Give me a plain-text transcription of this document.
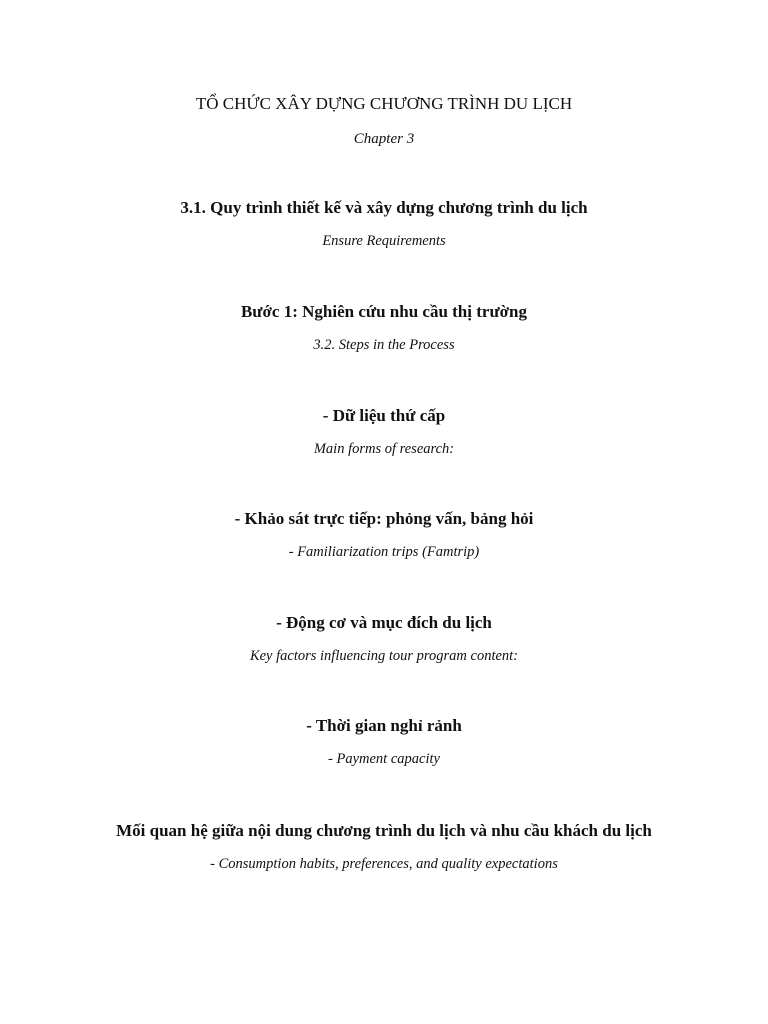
TỔ CHỨC XÂY DỰNG CHƯƠNG TRÌNH DU LỊCH

Chapter 3

3.1. Quy trình thiết kế và xây dựng chương trình du lịch

Ensure Requirements

Bước 1: Nghiên cứu nhu cầu thị trường

3.2. Steps in the Process

- Dữ liệu thứ cấp

Main forms of research:

- Khảo sát trực tiếp: phỏng vấn, bảng hỏi

- Familiarization trips (Famtrip)

- Động cơ và mục đích du lịch

Key factors influencing tour program content:

- Thời gian nghỉ rảnh

- Payment capacity

Mối quan hệ giữa nội dung chương trình du lịch và nhu cầu khách du lịch

- Consumption habits, preferences, and quality expectations
